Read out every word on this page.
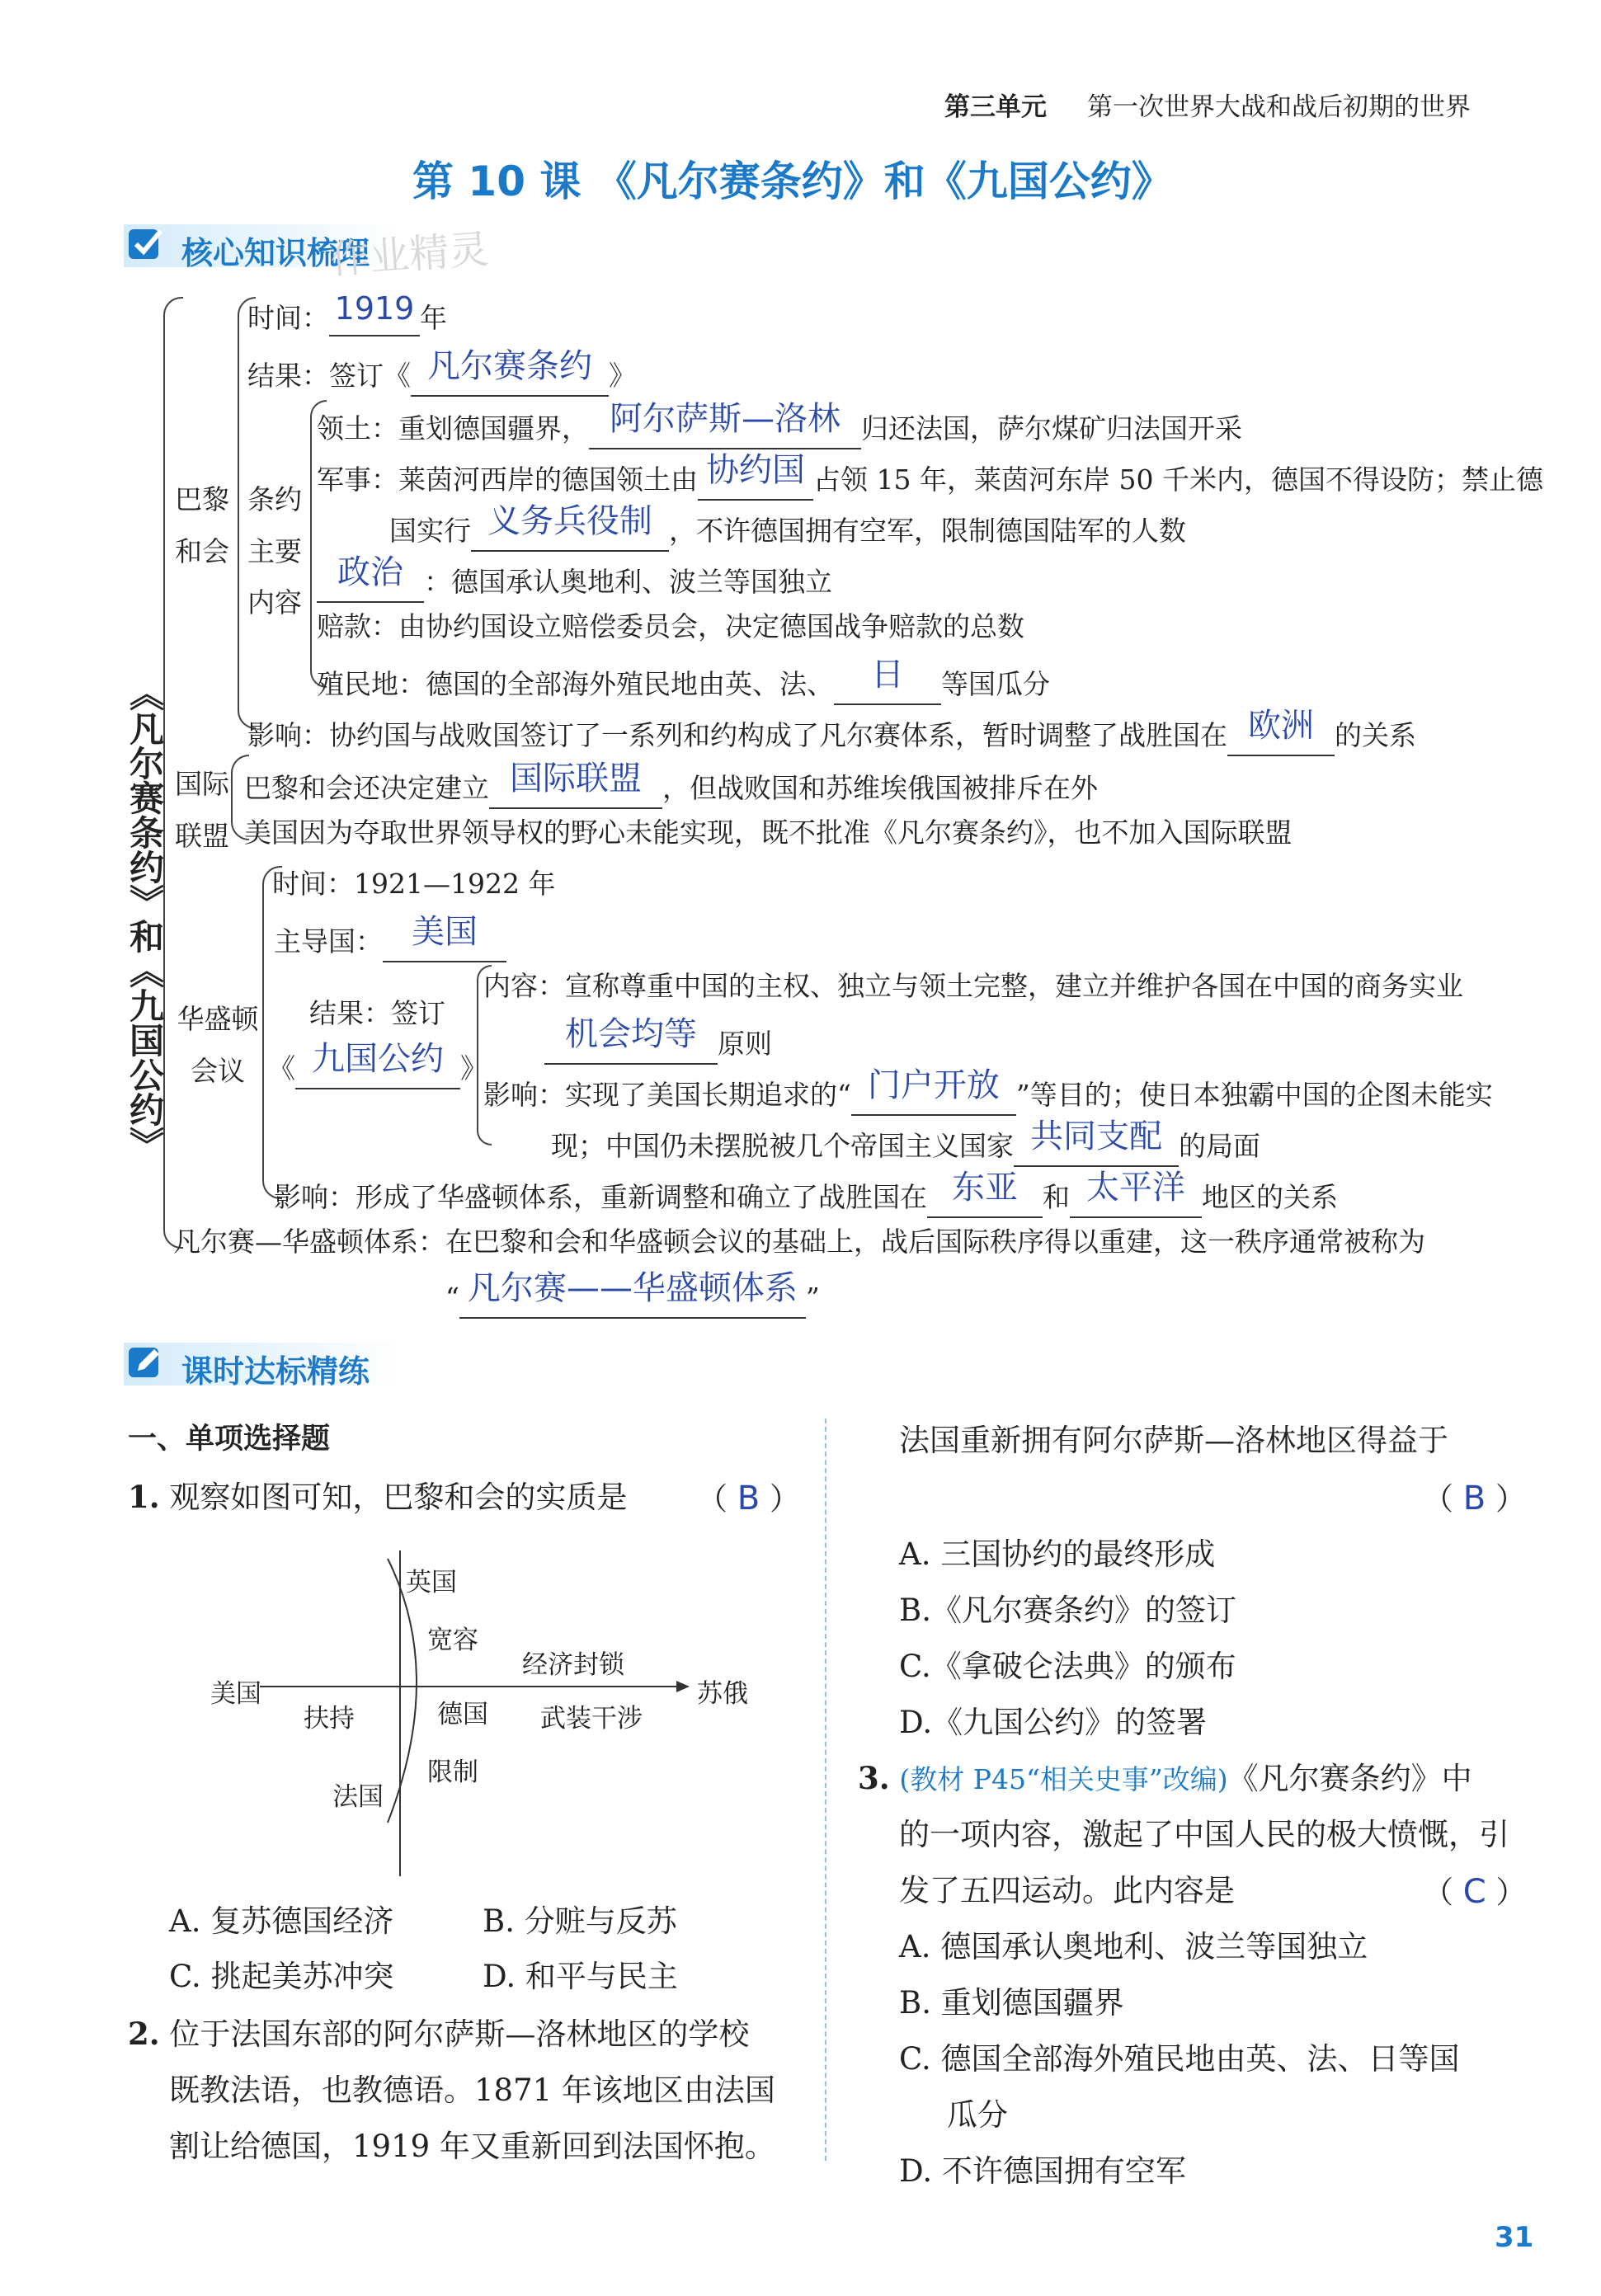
第三单元 第一次世界大战和战后初期的世界
第 10 课 《凡尔赛条约》和《九国公约》
核心知识梳理
作业精灵
《凡尔赛条约》和《九国公约》
巴黎和会
条约主要内容
时间： 1919 年
结果：签订《 凡尔赛条约 》
领土：重划德国疆界， 阿尔萨斯—洛林 归还法国，萨尔煤矿归法国开采
军事：莱茵河西岸的德国领土由 协约国 占领 15 年，莱茵河东岸 50 千米内，德国不得设防；禁止德
国实行 义务兵役制 ，不许德国拥有空军，限制德国陆军的人数
政治 ：德国承认奥地利、波兰等国独立
赔款：由协约国设立赔偿委员会，决定德国战争赔款的总数
殖民地：德国的全部海外殖民地由英、法、 日 等国瓜分
影响：协约国与战败国签订了一系列和约构成了凡尔赛体系，暂时调整了战胜国在 欧洲 的关系
国际联盟
巴黎和会还决定建立 国际联盟 ，但战败国和苏维埃俄国被排斥在外
美国因为夺取世界领导权的野心未能实现，既不批准《凡尔赛条约》，也不加入国际联盟
华盛顿会议
时间：1921—1922 年
主导国： 美国
结果：签订
《 九国公约 》
内容：宣称尊重中国的主权、独立与领土完整，建立并维护各国在中国的商务实业
机会均等 原则
影响：实现了美国长期追求的“ 门户开放 ”等目的；使日本独霸中国的企图未能实
现；中国仍未摆脱被几个帝国主义国家 共同支配 的局面
影响：形成了华盛顿体系，重新调整和确立了战胜国在 东亚 和 太平洋 地区的关系
凡尔赛—华盛顿体系：在巴黎和会和华盛顿会议的基础上，战后国际秩序得以重建，这一秩序通常被称为
“ 凡尔赛——华盛顿体系 ”
课时达标精练
一、单项选择题
1. 观察如图可知，巴黎和会的实质是 （ B ）
英国
宽容
经济封锁
美国	苏俄
扶持	德国 武装干涉
限制
法国
A. 复苏德国经济	B. 分赃与反苏
C. 挑起美苏冲突	D. 和平与民主
2. 位于法国东部的阿尔萨斯—洛林地区的学校
既教法语，也教德语。1871 年该地区由法国
割让给德国，1919 年又重新回到法国怀抱。
法国重新拥有阿尔萨斯—洛林地区得益于
（ B ）
A. 三国协约的最终形成
B.《凡尔赛条约》的签订
C.《拿破仑法典》的颁布
D.《九国公约》的签署
3. (教材 P45“相关史事”改编)《凡尔赛条约》中
的一项内容，激起了中国人民的极大愤慨，引
发了五四运动。此内容是	（ C ）
A. 德国承认奥地利、波兰等国独立
B. 重划德国疆界
C. 德国全部海外殖民地由英、法、日等国
瓜分
D. 不许德国拥有空军
31
